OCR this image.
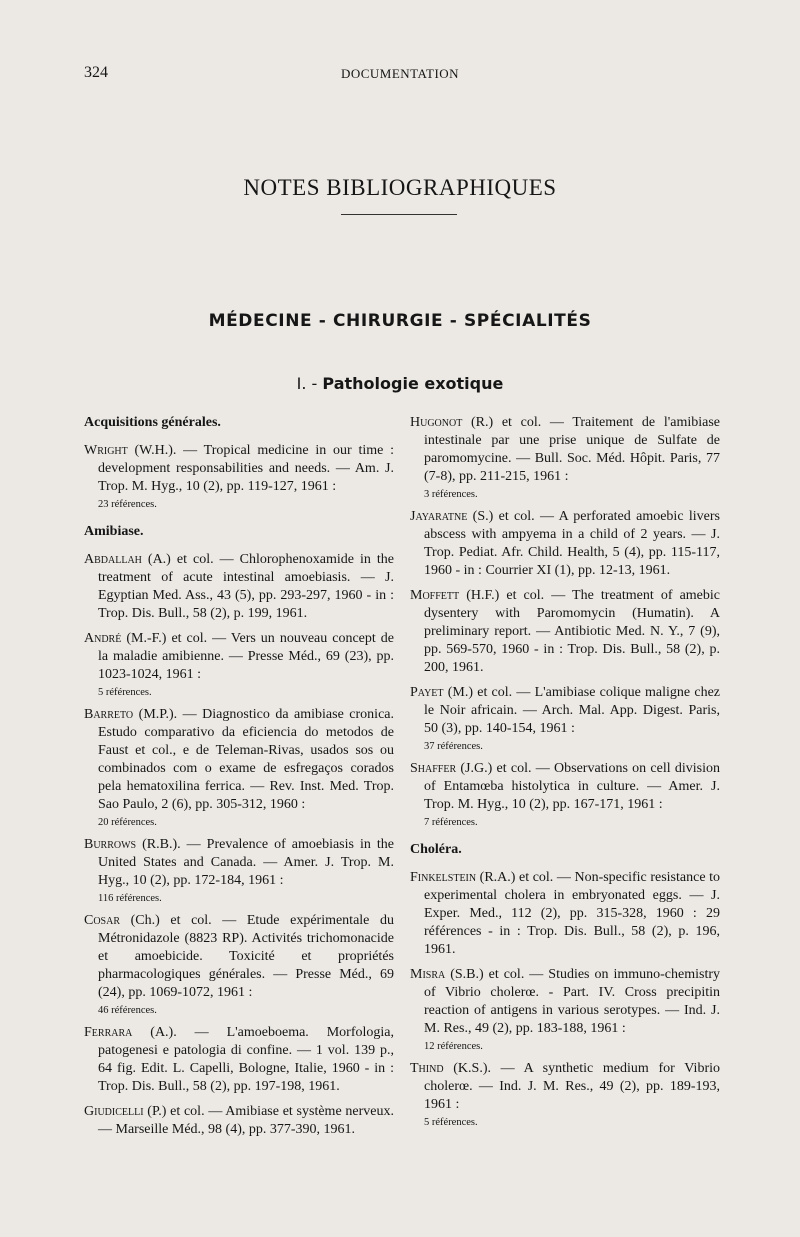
324	DOCUMENTATION
NOTES BIBLIOGRAPHIQUES
MÉDECINE - CHIRURGIE - SPÉCIALITÉS
I. - Pathologie exotique
Acquisitions générales.
Wright (W.H.). — Tropical medicine in our time : development responsabilities and needs. — Am. J. Trop. M. Hyg., 10 (2), pp. 119-127, 1961 :
23 références.
Amibiase.
Abdallah (A.) et col. — Chlorophenoxamide in the treatment of acute intestinal amoebiasis. — J. Egyptian Med. Ass., 43 (5), pp. 293-297, 1960 - in : Trop. Dis. Bull., 58 (2), p. 199, 1961.
André (M.-F.) et col. — Vers un nouveau concept de la maladie amibienne. — Presse Méd., 69 (23), pp. 1023-1024, 1961 :
5 références.
Barreto (M.P.). — Diagnostico da amibiase cronica. Estudo comparativo da eficiencia do metodos de Faust et col., e de Teleman-Rivas, usados sos ou combinados com o exame de esfregaços corados pela hematoxilina ferrica. — Rev. Inst. Med. Trop. Sao Paulo, 2 (6), pp. 305-312, 1960 :
20 références.
Burrows (R.B.). — Prevalence of amoebiasis in the United States and Canada. — Amer. J. Trop. M. Hyg., 10 (2), pp. 172-184, 1961 :
116 références.
Cosar (Ch.) et col. — Etude expérimentale du Métronidazole (8823 RP). Activités trichomonacide et amoebicide. Toxicité et propriétés pharmacologiques générales. — Presse Méd., 69 (24), pp. 1069-1072, 1961 :
46 références.
Ferrara (A.). — L'amoeboema. Morfologia, patogenesi e patologia di confine. — 1 vol. 139 p., 64 fig. Edit. L. Capelli, Bologne, Italie, 1960 - in : Trop. Dis. Bull., 58 (2), pp. 197-198, 1961.
Giudicelli (P.) et col. — Amibiase et système nerveux. — Marseille Méd., 98 (4), pp. 377-390, 1961.
Hugonot (R.) et col. — Traitement de l'amibiase intestinale par une prise unique de Sulfate de paromomycine. — Bull. Soc. Méd. Hôpit. Paris, 77 (7-8), pp. 211-215, 1961 :
3 références.
Jayaratne (S.) et col. — A perforated amoebic livers abscess with ampyema in a child of 2 years. — J. Trop. Pediat. Afr. Child. Health, 5 (4), pp. 115-117, 1960 - in : Courrier XI (1), pp. 12-13, 1961.
Moffett (H.F.) et col. — The treatment of amebic dysentery with Paromomycin (Humatin). A preliminary report. — Antibiotic Med. N. Y., 7 (9), pp. 569-570, 1960 - in : Trop. Dis. Bull., 58 (2), p. 200, 1961.
Payet (M.) et col. — L'amibiase colique maligne chez le Noir africain. — Arch. Mal. App. Digest. Paris, 50 (3), pp. 140-154, 1961 :
37 références.
Shaffer (J.G.) et col. — Observations on cell division of Entamœba histolytica in culture. — Amer. J. Trop. M. Hyg., 10 (2), pp. 167-171, 1961 :
7 références.
Choléra.
Finkelstein (R.A.) et col. — Non-specific resistance to experimental cholera in embryonated eggs. — J. Exper. Med., 112 (2), pp. 315-328, 1960 : 29 références - in : Trop. Dis. Bull., 58 (2), p. 196, 1961.
Misra (S.B.) et col. — Studies on immuno-chemistry of Vibrio cholerœ. - Part. IV. Cross precipitin reaction of antigens in various serotypes. — Ind. J. M. Res., 49 (2), pp. 183-188, 1961 :
12 références.
Thind (K.S.). — A synthetic medium for Vibrio cholerœ. — Ind. J. M. Res., 49 (2), pp. 189-193, 1961 :
5 références.
